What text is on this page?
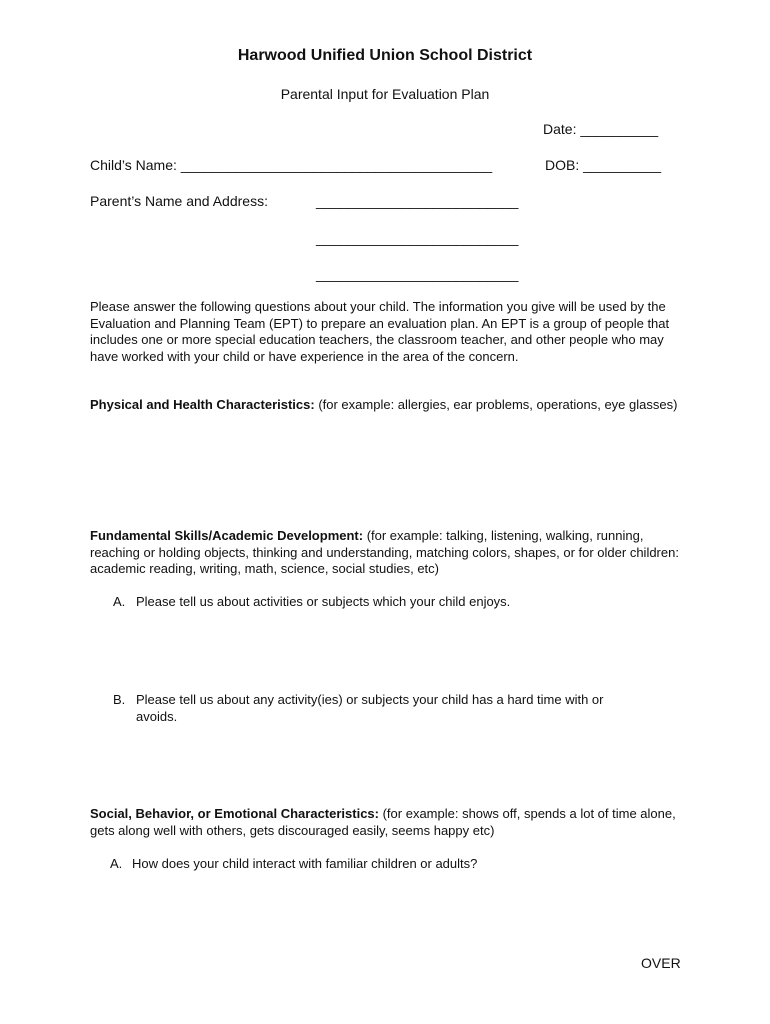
Harwood Unified Union School District
Parental Input for Evaluation Plan
Date: __________
Child’s Name: ________________________________________	DOB: __________
Parent’s Name and Address:	__________________________
__________________________
__________________________
Please answer the following questions about your child. The information you give will be used by the Evaluation and Planning Team (EPT) to prepare an evaluation plan. An EPT is a group of people that includes one or more special education teachers, the classroom teacher, and other people who may have worked with your child or have experience in the area of the concern.
Physical and Health Characteristics: (for example: allergies, ear problems, operations, eye glasses)
Fundamental Skills/Academic Development: (for example: talking, listening, walking, running, reaching or holding objects, thinking and understanding, matching colors, shapes, or for older children: academic reading, writing, math, science, social studies, etc)
A. Please tell us about activities or subjects which your child enjoys.
B. Please tell us about any activity(ies) or subjects your child has a hard time with or avoids.
Social, Behavior, or Emotional Characteristics: (for example: shows off, spends a lot of time alone, gets along well with others, gets discouraged easily, seems happy etc)
A. How does your child interact with familiar children or adults?
OVER
